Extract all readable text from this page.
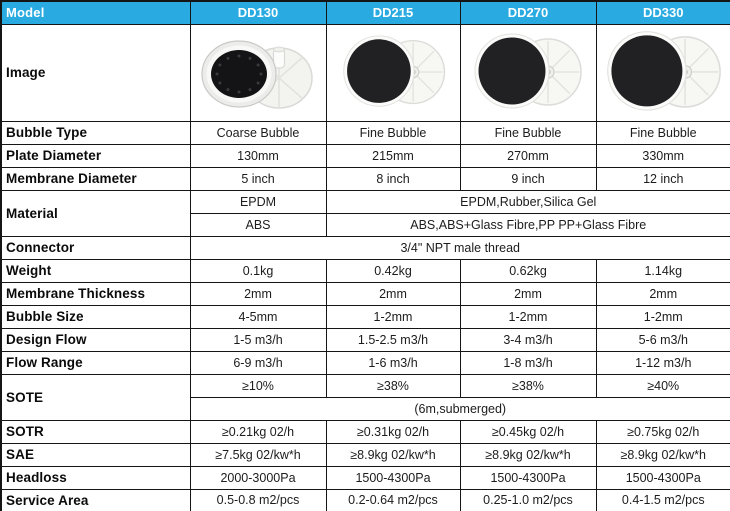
Model	DD130	DD215	DD270	DD330
Image	

Bubble Type	Coarse Bubble	Fine Bubble	Fine Bubble	Fine Bubble
Plate Diameter	130mm	215mm	270mm	330mm
Membrane Diameter	5 inch	8 inch	9 inch	12 inch
Material	EPDM	EPDM,Rubber,Silica Gel		
	ABS	ABS,ABS+Glass Fibre,PP PP+Glass Fibre		
Connector	3/4" NPT male thread			
Weight	0.1kg	0.42kg	0.62kg	1.14kg
Membrane Thickness	2mm	2mm	2mm	2mm
Bubble Size	4-5mm	1-2mm	1-2mm	1-2mm
Design Flow	1-5 m3/h	1.5-2.5 m3/h	3-4 m3/h	5-6 m3/h
Flow Range	6-9 m3/h	1-6 m3/h	1-8 m3/h	1-12 m3/h
SOTE	≥10%	≥38%	≥38%	≥40%
	(6m,submerged)			
SOTR	≥0.21kg 02/h	≥0.31kg 02/h	≥0.45kg 02/h	≥0.75kg 02/h
SAE	≥7.5kg 02/kw*h	≥8.9kg 02/kw*h	≥8.9kg 02/kw*h	≥8.9kg 02/kw*h
Headloss	2000-3000Pa	1500-4300Pa	1500-4300Pa	1500-4300Pa
Service Area	0.5-0.8 m2/pcs	0.2-0.64 m2/pcs	0.25-1.0 m2/pcs	0.4-1.5 m2/pcs
